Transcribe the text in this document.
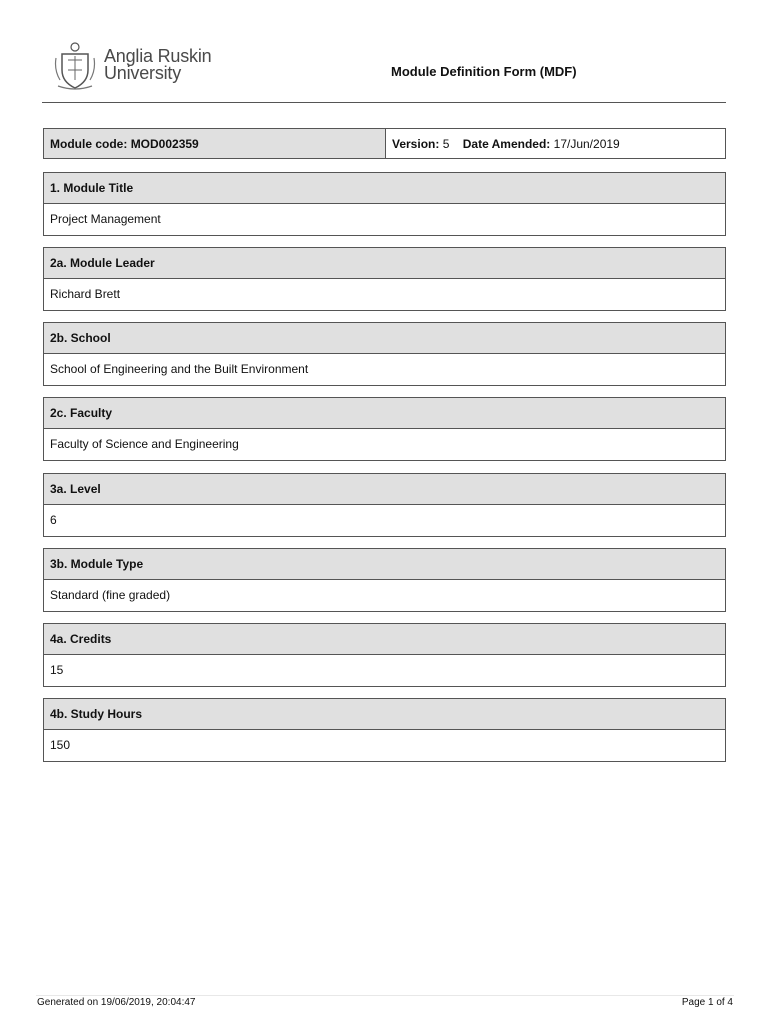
Anglia Ruskin
University	Module Definition Form (MDF)
Module code: MOD002359	Version: 5 Date Amended: 17/Jun/2019
1. Module Title
Project Management
2a. Module Leader
Richard Brett
2b. School
School of Engineering and the Built Environment
2c. Faculty
Faculty of Science and Engineering
3a. Level
6
3b. Module Type
Standard (fine graded)
4a. Credits
15
4b. Study Hours
150
Generated on 19/06/2019, 20:04:47	Page 1 of 4
